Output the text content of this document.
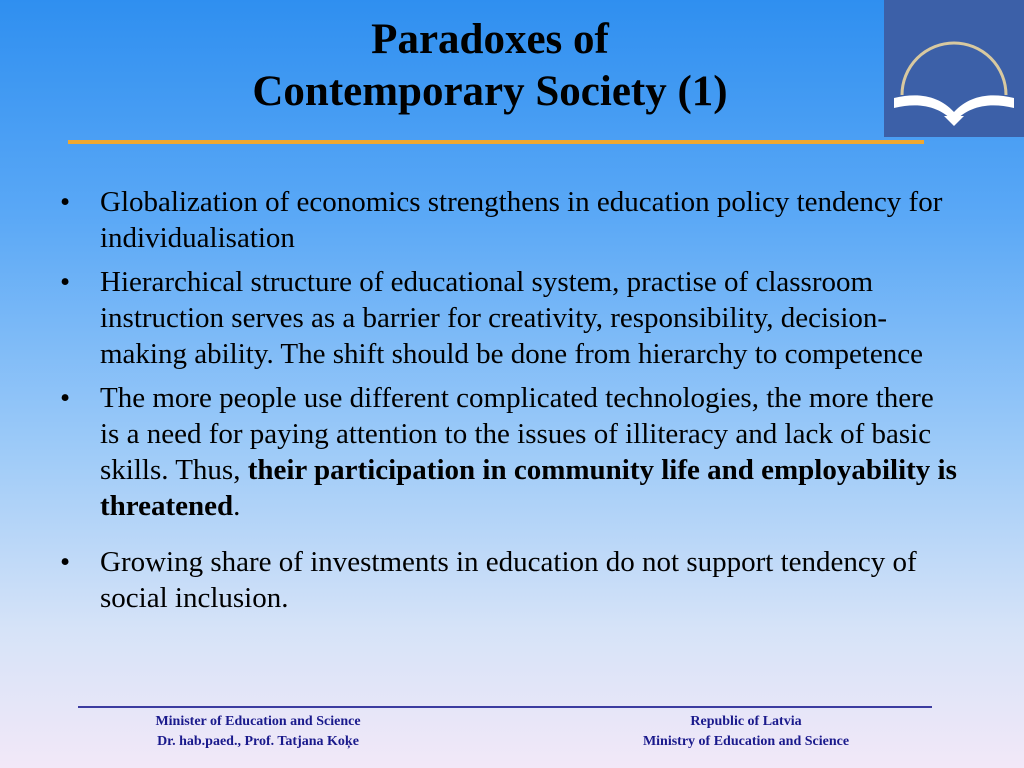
Paradoxes of
Contemporary Society (1)
• Globalization of economics strengthens in education policy tendency for individualisation
• Hierarchical structure of educational system, practise of classroom instruction serves as a barrier for creativity, responsibility, decision-making ability. The shift should be done from hierarchy to competence
• The more people use different complicated technologies, the more there is a need for paying attention to the issues of illiteracy and lack of basic skills. Thus, their participation in community life and employability is threatened.
• Growing share of investments in education do not support tendency of social inclusion.
Minister of Education and Science
Dr. hab.paed., Prof. Tatjana Koķe
Republic of Latvia
Ministry of Education and Science
